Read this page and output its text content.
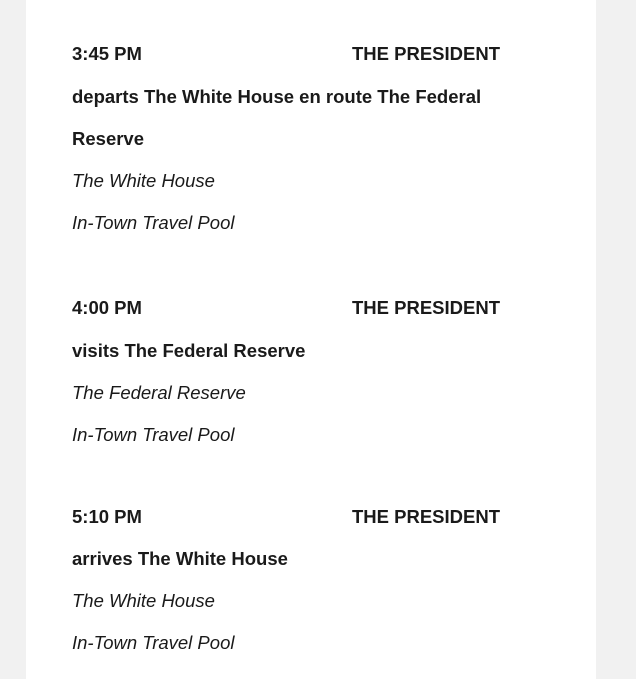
3:45 PM	THE PRESIDENT
departs The White House en route The Federal
Reserve
The White House
In-Town Travel Pool
4:00 PM	THE PRESIDENT
visits The Federal Reserve
The Federal Reserve
In-Town Travel Pool
5:10 PM	THE PRESIDENT
arrives The White House
The White House
In-Town Travel Pool
